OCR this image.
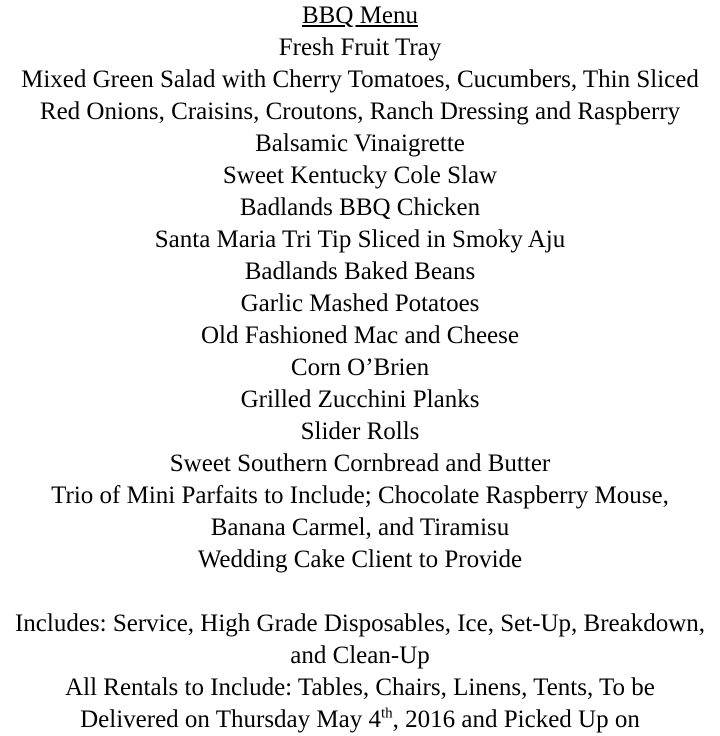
BBQ Menu
Fresh Fruit Tray
Mixed Green Salad with Cherry Tomatoes, Cucumbers, Thin Sliced Red Onions, Craisins, Croutons, Ranch Dressing and Raspberry Balsamic Vinaigrette
Sweet Kentucky Cole Slaw
Badlands BBQ Chicken
Santa Maria Tri Tip Sliced in Smoky Aju
Badlands Baked Beans
Garlic Mashed Potatoes
Old Fashioned Mac and Cheese
Corn O’Brien
Grilled Zucchini Planks
Slider Rolls
Sweet Southern Cornbread and Butter
Trio of Mini Parfaits to Include; Chocolate Raspberry Mouse, Banana Carmel, and Tiramisu
Wedding Cake Client to Provide
Includes: Service, High Grade Disposables, Ice, Set-Up, Breakdown, and Clean-Up
All Rentals to Include: Tables, Chairs, Linens, Tents, To be Delivered on Thursday May 4th, 2016 and Picked Up on
